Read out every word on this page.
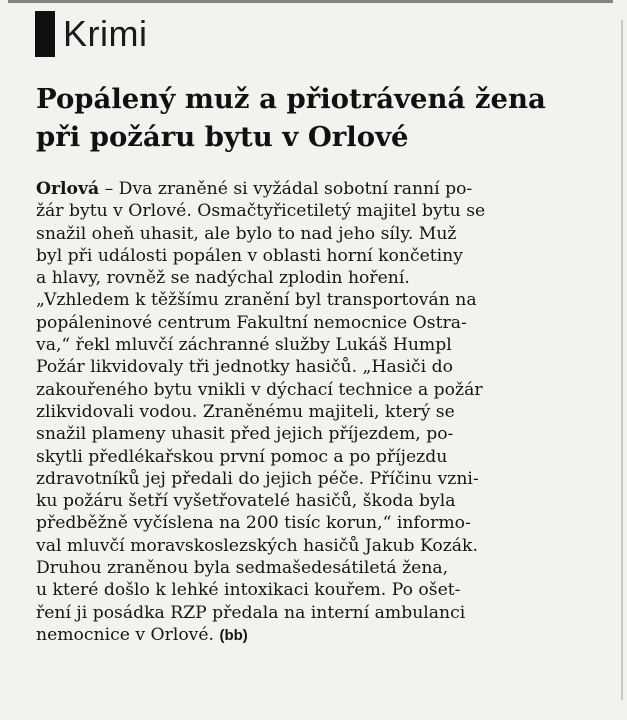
Krimi
Popálený muž a přiotrávená žena
při požáru bytu v Orlové
Orlová – Dva zraněné si vyžádal sobotní ranní po-
žár bytu v Orlové. Osmačtyřicetiletý majitel bytu se
snažil oheň uhasit, ale bylo to nad jeho síly. Muž
byl při události popálen v oblasti horní končetiny
a hlavy, rovněž se nadýchal zplodin hoření.
„Vzhledem k těžšímu zranění byl transportován na
popáleninové centrum Fakultní nemocnice Ostra-
va,“ řekl mluvčí záchranné služby Lukáš Humpl
Požár likvidovaly tři jednotky hasičů. „Hasiči do
zakouřeného bytu vnikli v dýchací technice a požár
zlikvidovali vodou. Zraněnému majiteli, který se
snažil plameny uhasit před jejich příjezdem, po-
skytli předlékařskou první pomoc a po příjezdu
zdravotníků jej předali do jejich péče. Příčinu vzni-
ku požáru šetří vyšetřovatelé hasičů, škoda byla
předběžně vyčíslena na 200 tisíc korun,“ informo-
val mluvčí moravskoslezských hasičů Jakub Kozák.
Druhou zraněnou byla sedmašedesátiletá žena,
u které došlo k lehké intoxikaci kouřem. Po ošet-
ření ji posádka RZP předala na interní ambulanci
nemocnice v Orlové. (bb)
